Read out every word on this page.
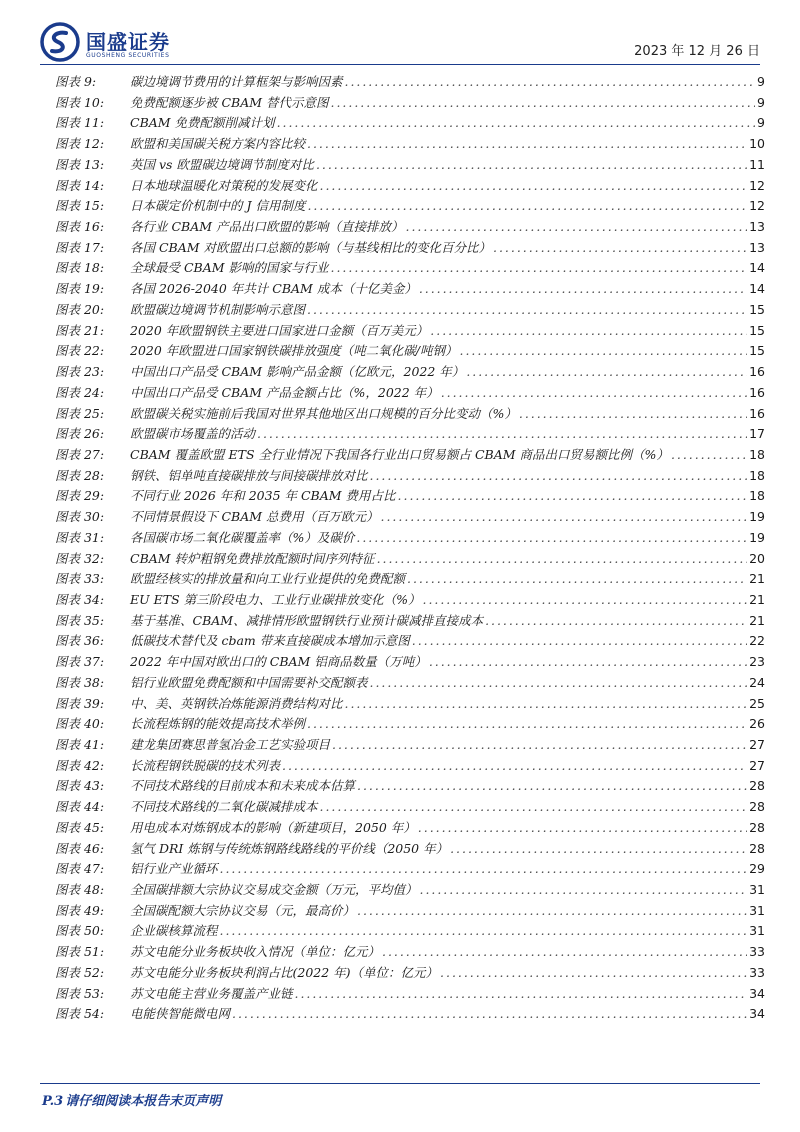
国盛证券
GUOSHENG SECURITIES	2023 年 12 月 26 日
图表 9:	碳边境调节费用的计算框架与影响因素 . . .	9
图表 10:	免费配额逐步被 CBAM 替代示意图 . . .	9
图表 11:	CBAM 免费配额削减计划 . . .	9
图表 12:	欧盟和美国碳关税方案内容比较 . . .	10
图表 13:	英国 vs 欧盟碳边境调节制度对比 . . .	11
图表 14:	日本地球温暖化对策税的发展变化 . . .	12
图表 15:	日本碳定价机制中的 J 信用制度 . . .	12
图表 16:	各行业 CBAM 产品出口欧盟的影响（直接排放） . . .	13
图表 17:	各国 CBAM 对欧盟出口总额的影响（与基线相比的变化百分比） . . .	13
图表 18:	全球最受 CBAM 影响的国家与行业 . . .	14
图表 19:	各国 2026-2040 年共计 CBAM 成本（十亿美金） . . .	14
图表 20:	欧盟碳边境调节机制影响示意图 . . .	15
图表 21:	2020 年欧盟钢铁主要进口国家进口金额（百万美元） . . .	15
图表 22:	2020 年欧盟进口国家钢铁碳排放强度（吨二氧化碳/吨钢） . . .	15
图表 23:	中国出口产品受 CBAM 影响产品金额（亿欧元，2022 年） . . .	16
图表 24:	中国出口产品受 CBAM 产品金额占比（%，2022 年） . . .	16
图表 25:	欧盟碳关税实施前后我国对世界其他地区出口规模的百分比变动（%） . . .	16
图表 26:	欧盟碳市场覆盖的活动 . . .	17
图表 27:	CBAM 覆盖欧盟 ETS 全行业情况下我国各行业出口贸易额占 CBAM 商品出口贸易额比例（%） . . .	18
图表 28:	钢铁、铝单吨直接碳排放与间接碳排放对比 . . .	18
图表 29:	不同行业 2026 年和 2035 年 CBAM 费用占比 . . .	18
图表 30:	不同情景假设下 CBAM 总费用（百万欧元） . . .	19
图表 31:	各国碳市场二氧化碳覆盖率（%）及碳价 . . .	19
图表 32:	CBAM 转炉粗钢免费排放配额时间序列特征 . . .	20
图表 33:	欧盟经核实的排放量和向工业行业提供的免费配额 . . .	21
图表 34:	EU ETS 第三阶段电力、工业行业碳排放变化（%） . . .	21
图表 35:	基于基准、CBAM、减排情形欧盟钢铁行业预计碳减排直接成本 . . .	21
图表 36:	低碳技术替代及 cbam 带来直接碳成本增加示意图 . . .	22
图表 37:	2022 年中国对欧出口的 CBAM 铝商品数量（万吨） . . .	23
图表 38:	铝行业欧盟免费配额和中国需要补交配额表 . . .	24
图表 39:	中、美、英钢铁冶炼能源消费结构对比 . . .	25
图表 40:	长流程炼钢的能效提高技术举例 . . .	26
图表 41:	建龙集团赛思普氢冶金工艺实验项目 . . .	27
图表 42:	长流程钢铁脱碳的技术列表 . . .	27
图表 43:	不同技术路线的目前成本和未来成本估算 . . .	28
图表 44:	不同技术路线的二氧化碳减排成本 . . .	28
图表 45:	用电成本对炼钢成本的影响（新建项目，2050 年） . . .	28
图表 46:	氢气 DRI 炼钢与传统炼钢路线路线的平价线（2050 年） . . .	28
图表 47:	铝行业产业循环 . . .	29
图表 48:	全国碳排额大宗协议交易成交金额（万元，平均值） . . .	31
图表 49:	全国碳配额大宗协议交易（元，最高价） . . .	31
图表 50:	企业碳核算流程 . . .	31
图表 51:	苏文电能分业务板块收入情况（单位：亿元） . . .	33
图表 52:	苏文电能分业务板块利润占比(2022 年)（单位：亿元） . . .	33
图表 53:	苏文电能主营业务覆盖产业链 . . .	34
图表 54:	电能侠智能微电网 . . .	34
P.3 请仔细阅读本报告末页声明
